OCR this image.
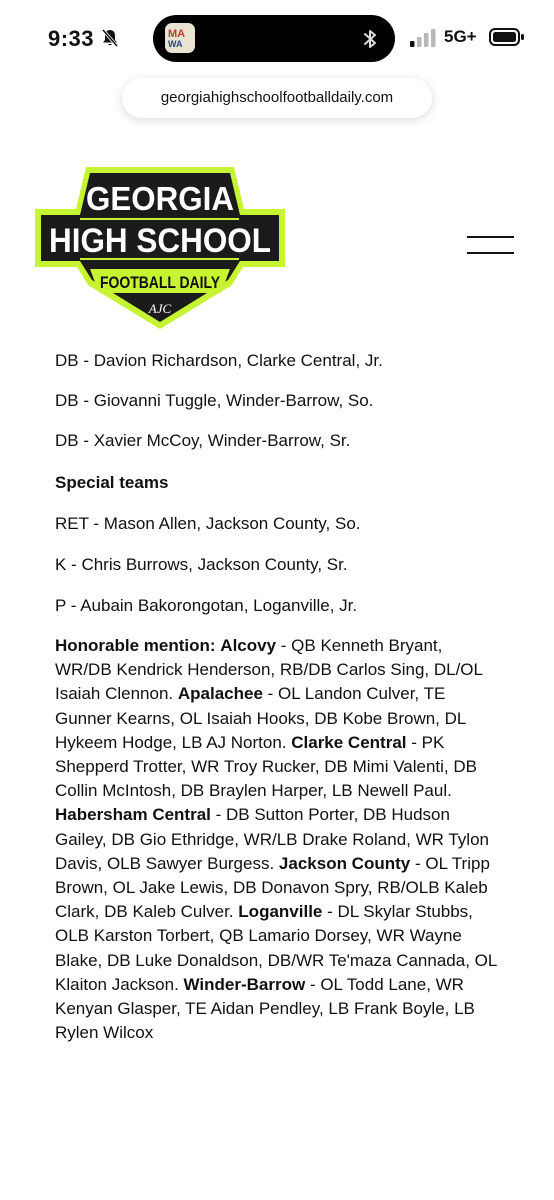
9:33	MA
WA	5G+
georgiahighschoolfootballdaily.com
GEORGIA
HIGH SCHOOL
FOOTBALL DAILY
AJC
DB - Davion Richardson, Clarke Central, Jr.
DB - Giovanni Tuggle, Winder-Barrow, So.
DB - Xavier McCoy, Winder-Barrow, Sr.
Special teams
RET - Mason Allen, Jackson County, So.
K - Chris Burrows, Jackson County, Sr.
P - Aubain Bakorongotan, Loganville, Jr.
Honorable mention: Alcovy - QB Kenneth Bryant, WR/DB Kendrick Henderson, RB/DB Carlos Sing, DL/OL Isaiah Clennon. Apalachee - OL Landon Culver, TE Gunner Kearns, OL Isaiah Hooks, DB Kobe Brown, DL Hykeem Hodge, LB AJ Norton. Clarke Central - PK Shepperd Trotter, WR Troy Rucker, DB Mimi Valenti, DB Collin McIntosh, DB Braylen Harper, LB Newell Paul. Habersham Central - DB Sutton Porter, DB Hudson Gailey, DB Gio Ethridge, WR/LB Drake Roland, WR Tylon Davis, OLB Sawyer Burgess. Jackson County - OL Tripp Brown, OL Jake Lewis, DB Donavon Spry, RB/OLB Kaleb Clark, DB Kaleb Culver. Loganville - DL Skylar Stubbs, OLB Karston Torbert, QB Lamario Dorsey, WR Wayne Blake, DB Luke Donaldson, DB/WR Te'maza Cannada, OL Klaiton Jackson. Winder-Barrow - OL Todd Lane, WR Kenyan Glasper, TE Aidan Pendley, LB Frank Boyle, LB Rylen Wilcox
